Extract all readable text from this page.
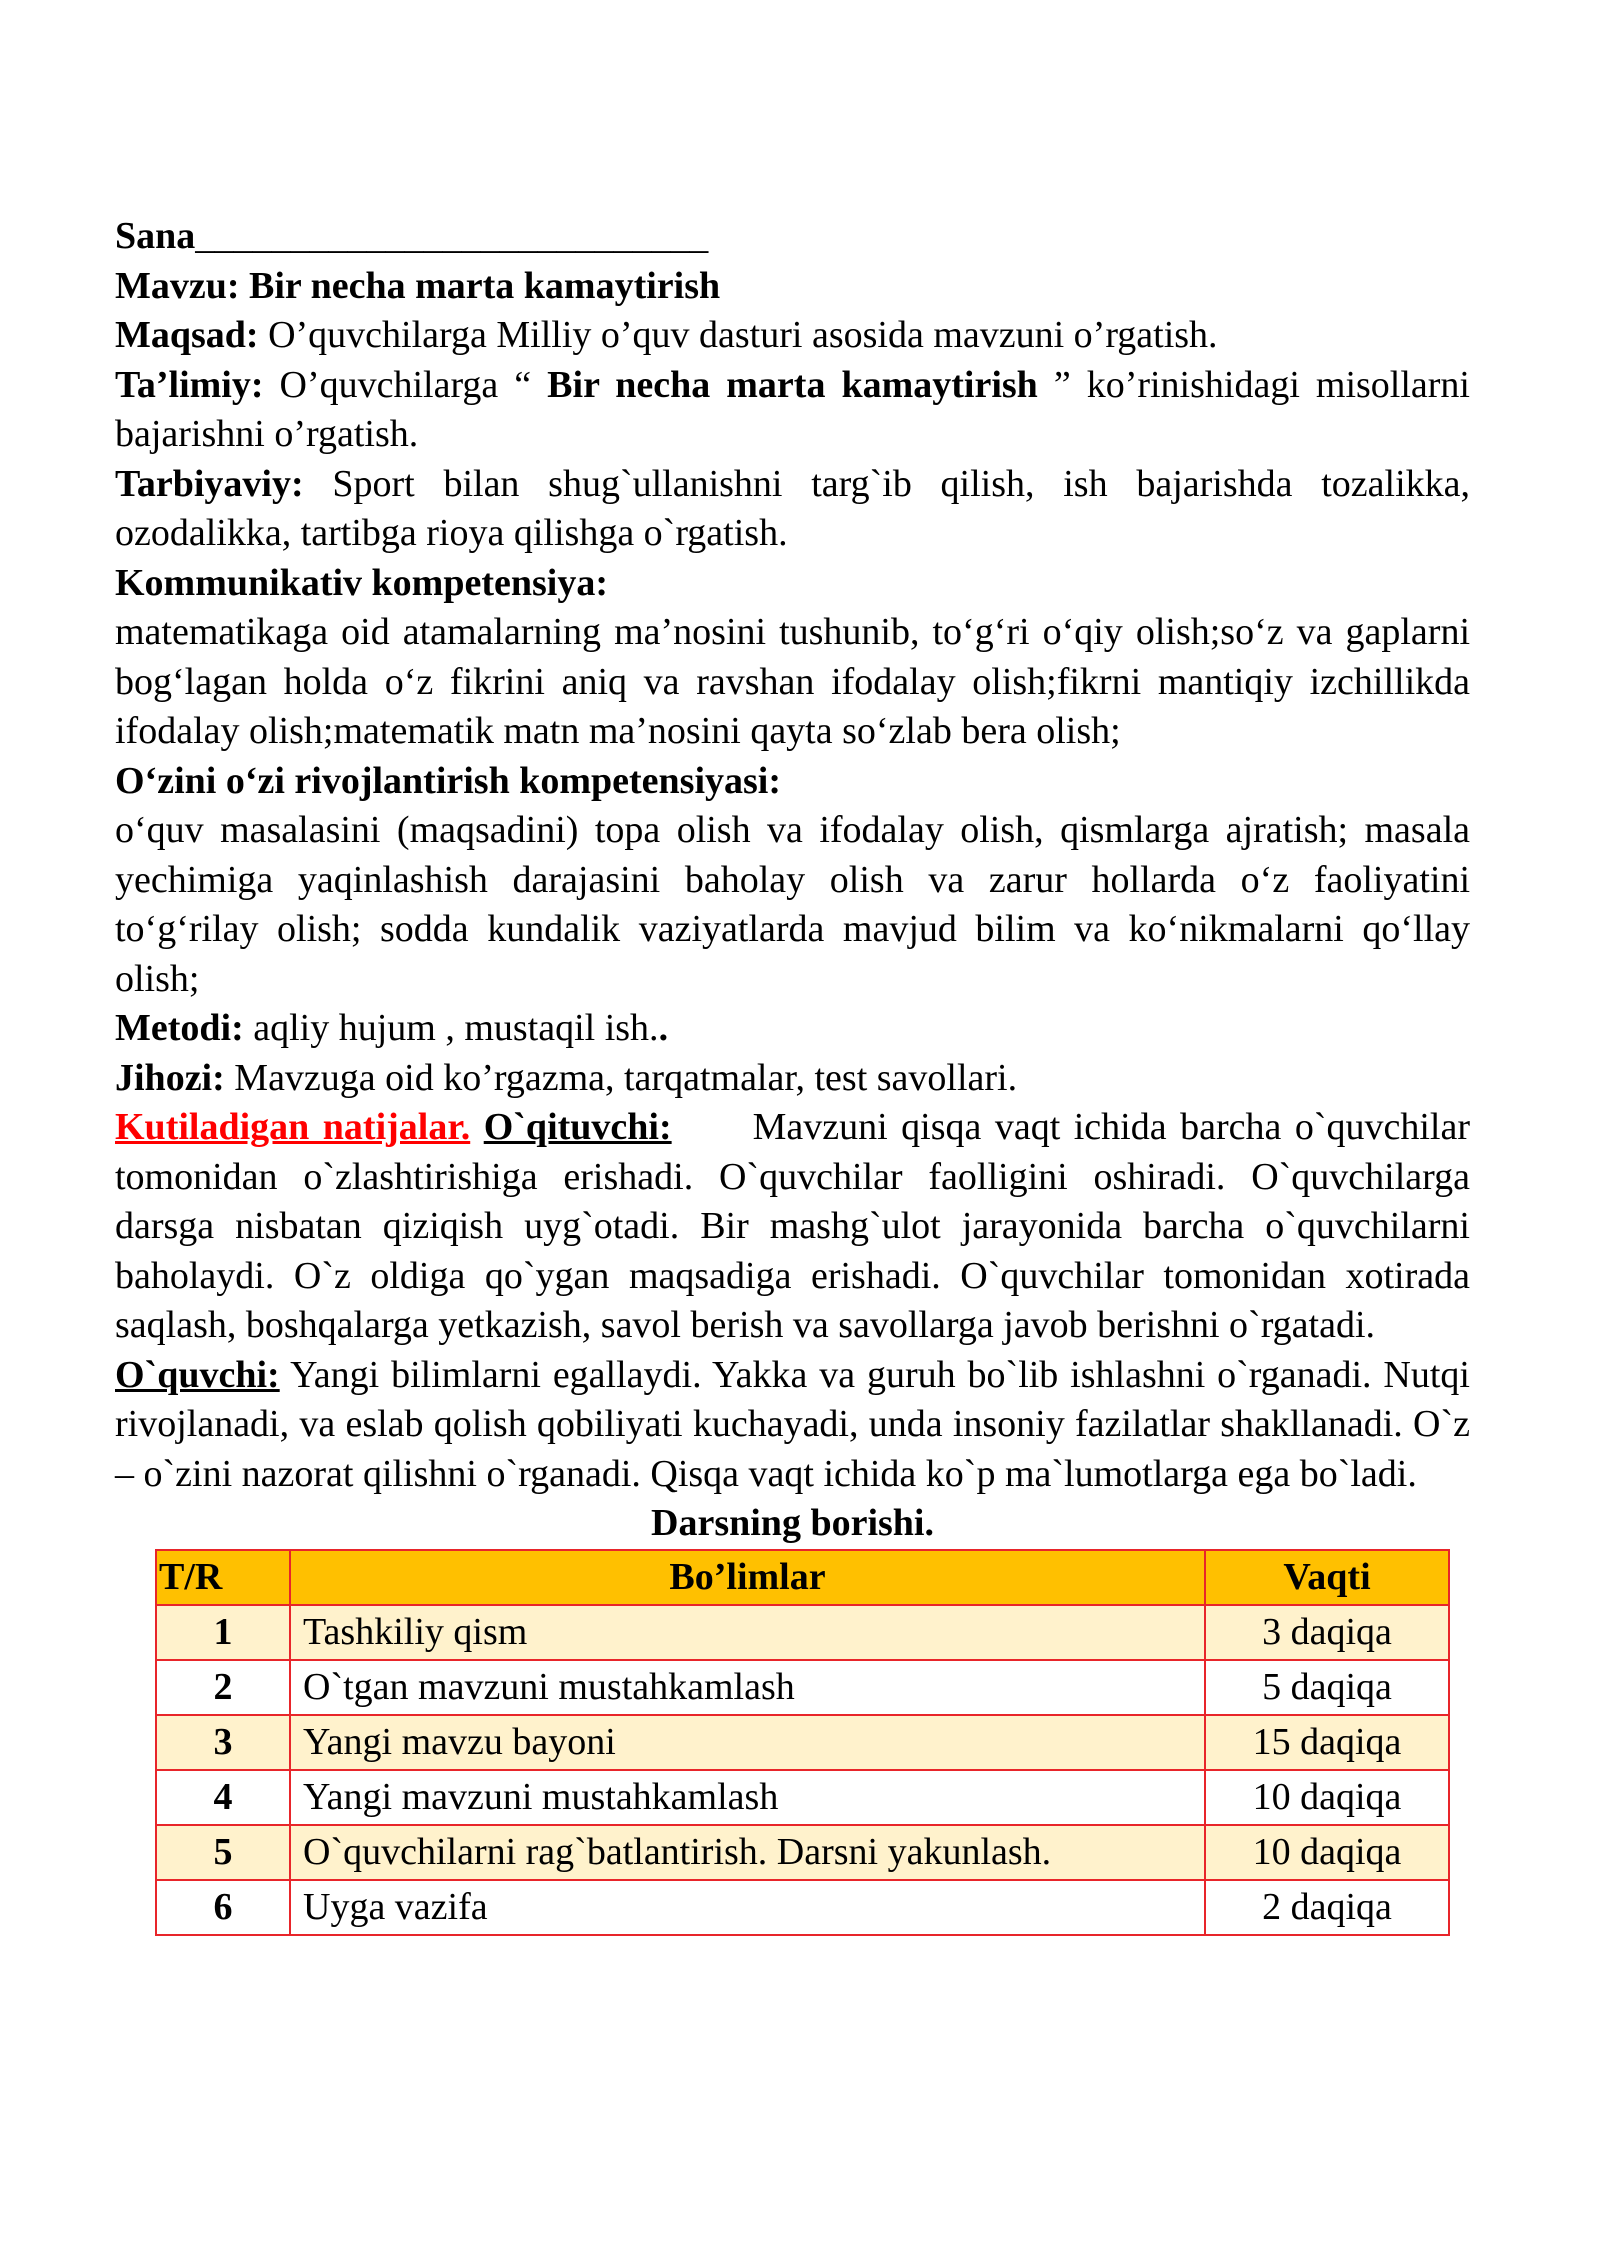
Sana___________________________

Mavzu: Bir necha marta kamaytirish

Maqsad: O’quvchilarga Milliy o’quv dasturi asosida mavzuni o’rgatish.

Ta’limiy: O’quvchilarga “ Bir necha marta kamaytirish ” ko’rinishidagi misollarni bajarishni o’rgatish.

Tarbiyaviy: Sport bilan shug`ullanishni targ`ib qilish, ish bajarishda tozalikka, ozodalikka, tartibga rioya qilishga o`rgatish.

Kommunikativ kompetensiya:

matematikaga oid atamalarning ma’nosini tushunib, to‘g‘ri o‘qiy olish;so‘z va gaplarni bog‘lagan holda o‘z fikrini aniq va ravshan ifodalay olish;fikrni mantiqiy izchillikda ifodalay olish;matematik matn ma’nosini qayta so‘zlab bera olish;

O‘zini o‘zi rivojlantirish kompetensiyasi:

o‘quv masalasini (maqsadini) topa olish va ifodalay olish, qismlarga ajratish; masala yechimiga yaqinlashish darajasini baholay olish va zarur hollarda o‘z faoliyatini to‘g‘rilay olish; sodda kundalik vaziyatlarda mavjud bilim va ko‘nikmalarni qo‘llay olish;

Metodi: aqliy hujum , mustaqil ish..

Jihozi: Mavzuga oid ko’rgazma, tarqatmalar, test savollari.

Kutiladigan natijalar. O`qituvchi:      Mavzuni qisqa vaqt ichida barcha o`quvchilar tomonidan o`zlashtirishiga erishadi. O`quvchilar faolligini oshiradi. O`quvchilarga darsga nisbatan qiziqish uyg`otadi. Bir mashg`ulot jarayonida barcha o`quvchilarni baholaydi. O`z oldiga qo`ygan maqsadiga erishadi. O`quvchilar tomonidan xotirada saqlash, boshqalarga yetkazish, savol berish va savollarga javob berishni o`rgatadi.

O`quvchi: Yangi bilimlarni egallaydi. Yakka va guruh bo`lib ishlashni o`rganadi. Nutqi rivojlanadi, va eslab qolish qobiliyati kuchayadi, unda insoniy fazilatlar shakllanadi. O`z – o`zini nazorat qilishni o`rganadi. Qisqa vaqt ichida ko`p ma`lumotlarga ega bo`ladi.

Darsning borishi.

T/R	Bo’limlar	Vaqti
1	Tashkiliy qism	3 daqiqa
2	O`tgan mavzuni mustahkamlash	5 daqiqa
3	Yangi mavzu bayoni	15 daqiqa
4	Yangi mavzuni mustahkamlash	10 daqiqa
5	O`quvchilarni rag`batlantirish. Darsni yakunlash.	10 daqiqa
6	Uyga vazifa	2 daqiqa
